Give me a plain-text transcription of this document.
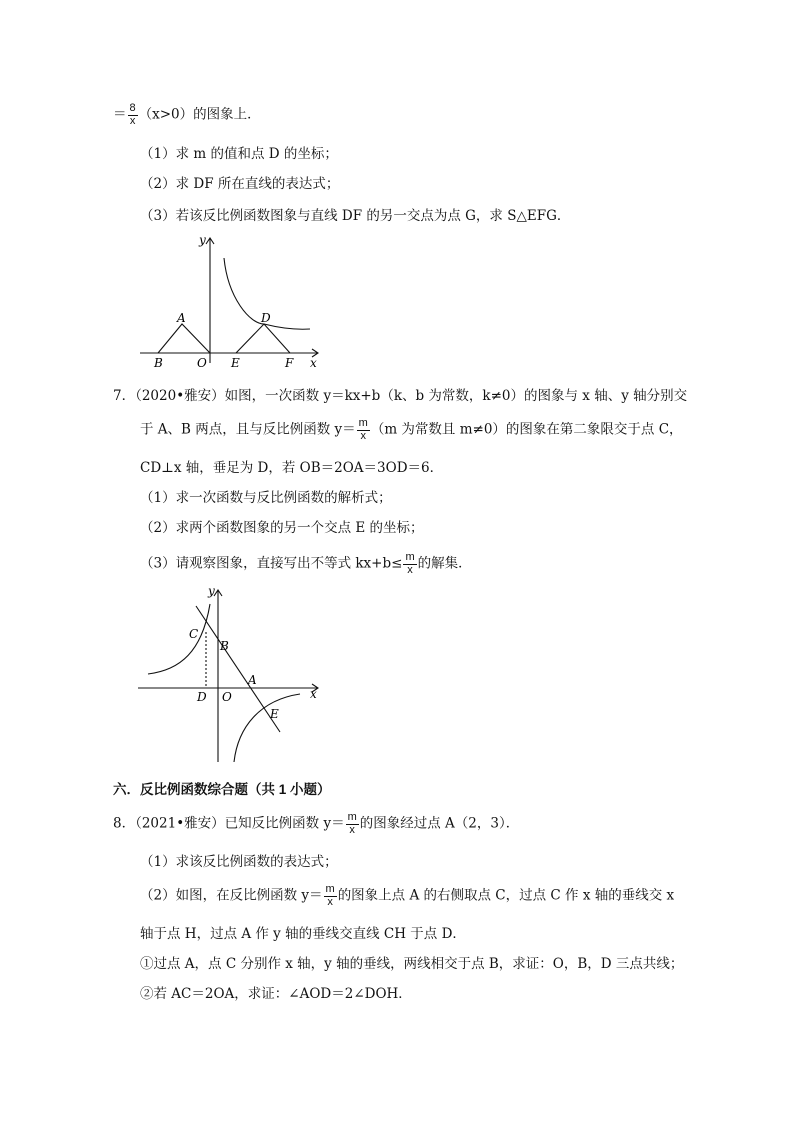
＝ $\frac{8}{x} (x>0)$的图象上．
（1）求 m 的值和点 D 的坐标；
（2）求 DF 所在直线的表达式；
（3）若该反比例函数图象与直线 DF 的另一交点为点 G，求 S△EFG．
y
A	D
B	O E	F x
7．（2020•雅安）如图，一次函数 y＝kx+b（k、b 为常数，k≠0）的图象与 x 轴、y 轴分别交
于 A、B 两点，且与反比例函数 $y= \frac{m}{x} (m$ 为常数且 m≠0）的图象在第二象限交于点 C，
CD⊥x 轴，垂足为 D，若 OB＝2OA＝3OD＝6．
（1）求一次函数与反比例函数的解析式；
（2）求两个函数图象的另一个交点 E 的坐标；
（3）请观察图象，直接写出不等式 $kx+b\le \frac{m}{x}$ 的解集．
y
C
B
A
D O
E
x
六．反比例函数综合题（共 1 小题）
8．（2021•雅安）已知反比例函数 $y= \frac{m}{x}$ 的图象经过点 A（2，3）．
（1）求该反比例函数的表达式；
（2）如图，在反比例函数 $y= \frac{m}{x}$ 的图象上点 A 的右侧取点 C，过点 C 作 x 轴的垂线交 x
轴于点 H，过点 A 作 y 轴的垂线交直线 CH 于点 D．
①过点 A，点 C 分别作 x 轴，y 轴的垂线，两线相交于点 B，求证：O，B，D 三点共线；
②若 AC＝2OA，求证：∠AOD＝2∠DOH．
